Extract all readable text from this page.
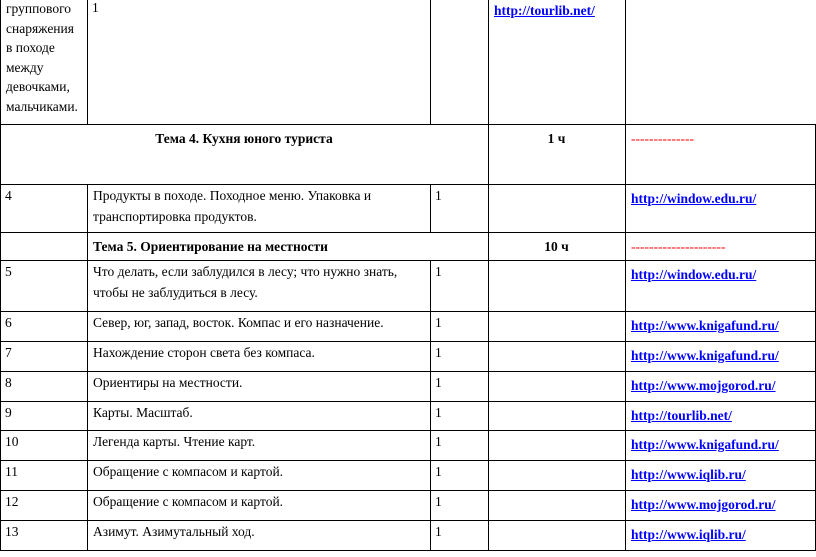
группового снаряжения в походе между девочками, мальчиками.	1		http://tourlib.net/	
Тема 4. Кухня юного туриста			1 ч	--------------
4	Продукты в походе. Походное меню. Упаковка и транспортировка продуктов.	1		http://window.edu.ru/
	Тема 5. Ориентирование на местности		10 ч	---------------------
5	Что делать, если заблудился в лесу; что нужно знать, чтобы не заблудиться в лесу.	1		http://window.edu.ru/
6	Север, юг, запад, восток. Компас и его назначение.	1		http://www.knigafund.ru/
7	Нахождение сторон света без компаса.	1		http://www.knigafund.ru/
8	Ориентиры на местности.	1		http://www.mojgorod.ru/
9	Карты. Масштаб.	1		http://tourlib.net/
10	Легенда карты. Чтение карт.	1		http://www.knigafund.ru/
11	Обращение с компасом и картой.	1		http://www.iqlib.ru/
12	Обращение с компасом и картой.	1		http://www.mojgorod.ru/
13	Азимут. Азимутальный ход.	1		http://www.iqlib.ru/
